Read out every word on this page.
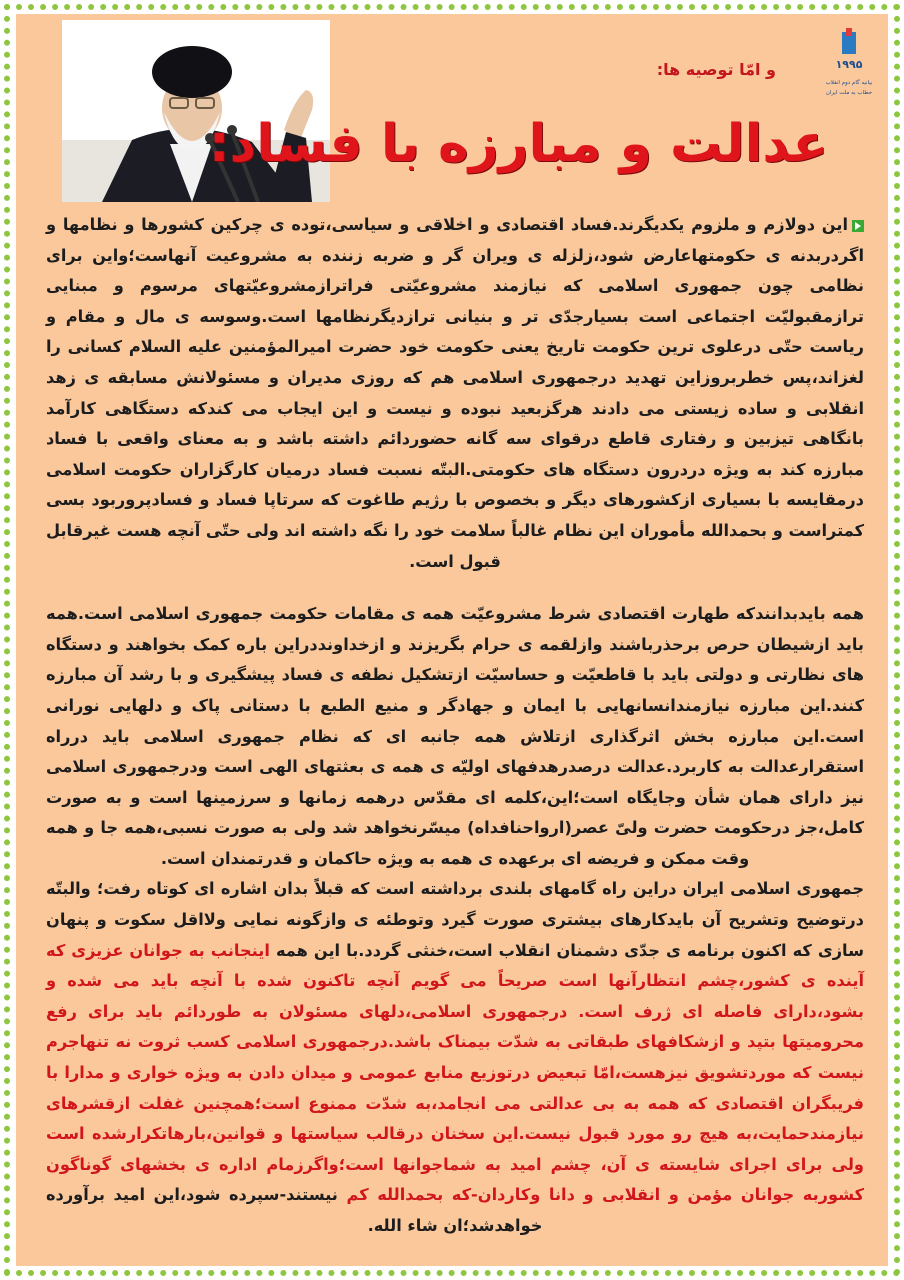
۱۹۹۵
بیانیه گام دوم انقلاب
خطاب به ملت ایران
و امّا توصیه ها:
عدالت و مبارزه با فساد:

این دولازم و ملزوم یکدیگرند.فساد اقتصادی و اخلاقی و سیاسی،توده ی چرکین کشورها و نظامها و اگردربدنه ی حکومتهاعارض شود،زلزله ی ویران گر و ضربه زننده به مشروعیت آنهاست؛واین برای نظامی چون جمهوری اسلامی که نیازمند مشروعیّتی فراترازمشروعیّتهای مرسوم و مبنایی ترازمقبولیّت اجتماعی است بسیارجدّی تر و بنیانی ترازدیگرنظامها است.وسوسه ی مال و مقام و ریاست حتّی درعلوی ترین حکومت تاریخ یعنی حکومت خود حضرت امیرالمؤمنین علیه السلام کسانی را لغزاند،پس خطربروزاین تهدید درجمهوری اسلامی هم که روزی مدیران و مسئولانش مسابقه ی زهد انقلابی و ساده زیستی می دادند هرگزبعید نبوده و نیست و این ایجاب می کندکه دستگاهی کارآمد بانگاهی تیزبین و رفتاری قاطع درقوای سه گانه حضوردائم داشته باشد و به معنای واقعی با فساد مبارزه کند به ویژه دردرون دستگاه های حکومتی.البتّه نسبت فساد درمیان کارگزاران حکومت اسلامی درمقایسه با بسیاری ازکشورهای دیگر و بخصوص با رژیم طاغوت که سرتاپا فساد و فسادپروربود بسی کمتراست و بحمدالله مأموران این نظام غالباً سلامت خود را نگه داشته اند ولی حتّی آنچه هست غیرقابل قبول است.

همه بایدبدانندکه طهارت اقتصادی شرط مشروعیّت همه ی مقامات حکومت جمهوری اسلامی است.همه باید ازشیطان حرص برحذرباشند وازلقمه ی حرام بگریزند و ازخداونددراین باره کمک بخواهند و دستگاه های نظارتی و دولتی باید با قاطعیّت و حساسیّت ازتشکیل نطفه ی فساد پیشگیری و با رشد آن مبارزه کنند.این مبارزه نیازمندانسانهایی با ایمان و جهادگر و منیع الطبع با دستانی پاک و دلهایی نورانی است.این مبارزه بخش اثرگذاری ازتلاش همه جانبه ای که نظام جمهوری اسلامی باید درراه استقرارعدالت به کاربرد.عدالت درصدرهدفهای اولیّه ی همه ی بعثتهای الهی است ودرجمهوری اسلامی نیز دارای همان شأن وجایگاه است؛این،کلمه ای مقدّس درهمه زمانها و سرزمینها است و به صورت کامل،جز درحکومت حضرت ولیّ عصر(ارواحنافداه) میسّرنخواهد شد ولی به صورت نسبی،همه جا و همه وقت ممکن و فریضه ای برعهده ی همه به ویژه حاکمان و قدرتمندان است.

جمهوری اسلامی ایران دراین راه گامهای بلندی برداشته است که قبلاً بدان اشاره ای کوتاه رفت؛ والبتّه درتوضیح وتشریح آن بایدکارهای بیشتری صورت گیرد وتوطئه ی وازگونه نمایی ولااقل سکوت و پنهان سازی که اکنون برنامه ی جدّی دشمنان انقلاب است،خنثی گردد.با این همه اینجانب به جوانان عزیزی که آینده ی کشور،چشم انتظارآنها است صریحاً می گویم آنچه تاکنون شده با آنچه باید می شده و بشود،دارای فاصله ای ژرف است. درجمهوری اسلامی،دلهای مسئولان به طوردائم باید برای رفع محرومیتها بتپد و ازشکافهای طبقاتی به شدّت بیمناک باشد.درجمهوری اسلامی کسب ثروت نه تنهاجرم نیست که موردتشویق نیزهست،امّا تبعیض درتوزیع منابع عمومی و میدان دادن به ویژه خواری و مدارا با فریبگران اقتصادی که همه به بی عدالتی می انجامد،به شدّت ممنوع است؛همچنین غفلت ازقشرهای نیازمندحمایت،به هیچ رو مورد قبول نیست.این سخنان درقالب سیاستها و قوانین،بارهاتکرارشده است ولی برای اجرای شایسته ی آن، چشم امید به شماجوانها است؛واگرزمام اداره ی بخشهای گوناگون کشوربه جوانان مؤمن و انقلابی و دانا وکاردان-که بحمدالله کم نیستند-سپرده شود،این امید برآورده خواهدشد؛ان شاء الله.
